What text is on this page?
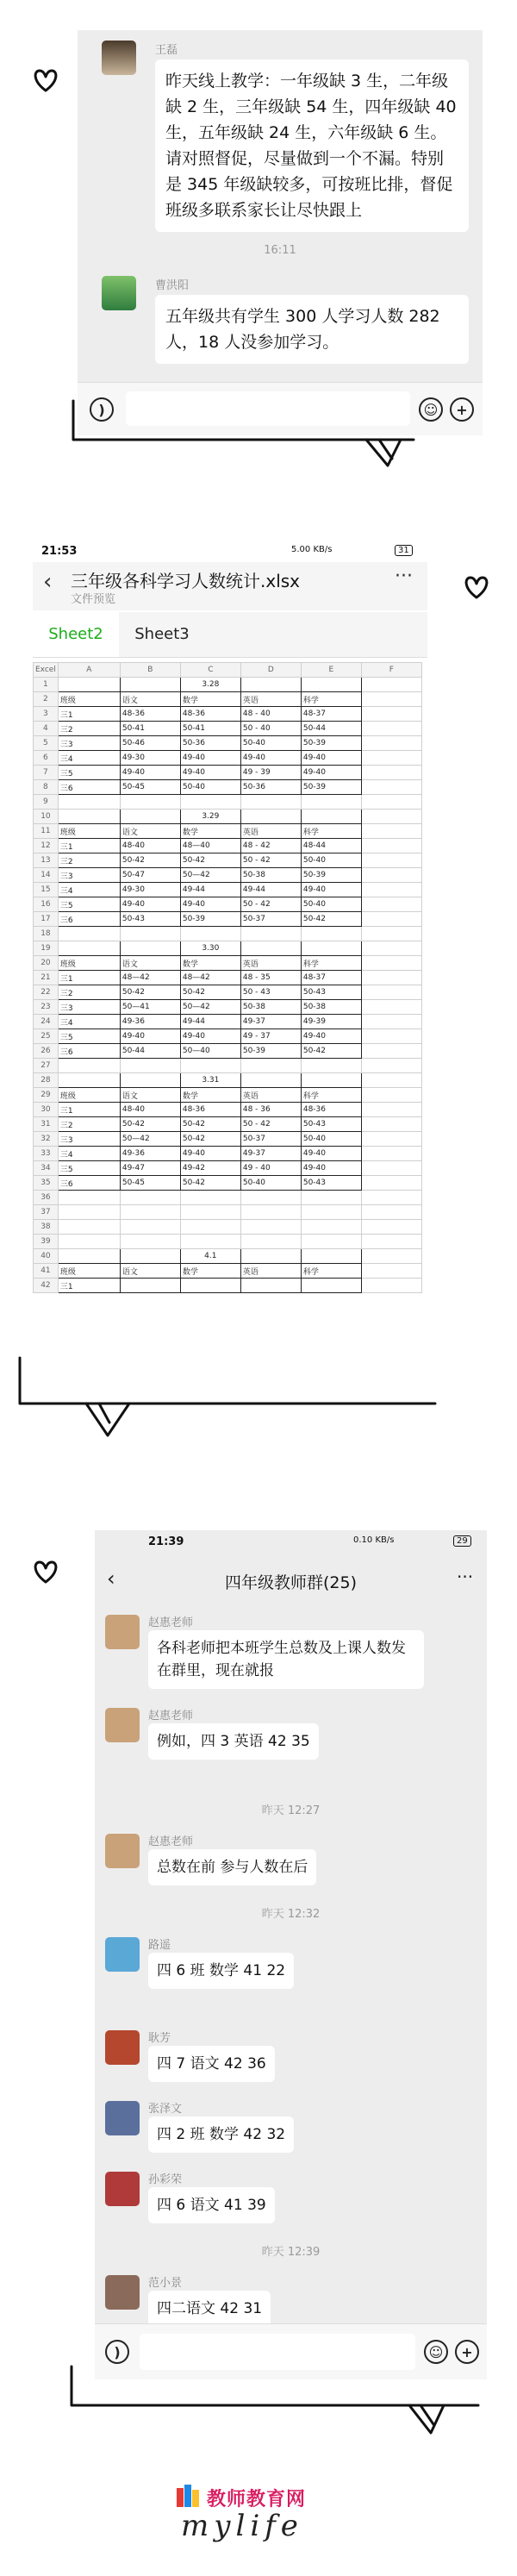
王磊
昨天线上教学：一年级缺 3 生，二年级缺 2 生，三年级缺 54 生，四年级缺 40 生，五年级缺 24 生，六年级缺 6 生。请对照督促，尽量做到一个不漏。特别是 345 年级缺较多，可按班比排，督促班级多联系家长让尽快跟上
16:11
曹洪阳
五年级共有学生 300 人学习人数 282 人，18 人没参加学习。
)	☺	+
21:53	5.00 KB/s	31
‹ 三年级各科学习人数统计.xlsx
文件预览
···
Sheet2	Sheet3
Excel	A	B	C	D	E	F
1			3.28			
2	班级	语文	数学	英语	科学	
3	三1	48-36	48-36	48 - 40	48-37	
4	三2	50-41	50-41	50 - 40	50-44	
5	三3	50-46	50-36	50-40	50-39	
6	三4	49-30	49-40	49-40	49-40	
7	三5	49-40	49-40	49 - 39	49-40	
8	三6	50-45	50-40	50-36	50-39	
9						
10			3.29			
11	班级	语文	数学	英语	科学	
12	三1	48-40	48—40	48 - 42	48-44	
13	三2	50-42	50-42	50 - 42	50-40	
14	三3	50-47	50—42	50-38	50-39	
15	三4	49-30	49-44	49-44	49-40	
16	三5	49-40	49-40	50 - 42	50-40	
17	三6	50-43	50-39	50-37	50-42	
18						
19			3.30			
20	班级	语文	数学	英语	科学	
21	三1	48—42	48—42	48 - 35	48-37	
22	三2	50-42	50-42	50 - 43	50-43	
23	三3	50—41	50—42	50-38	50-38	
24	三4	49-36	49-44	49-37	49-39	
25	三5	49-40	49-40	49 - 37	49-40	
26	三6	50-44	50—40	50-39	50-42	
27						
28			3.31			
29	班级	语文	数学	英语	科学	
30	三1	48-40	48-36	48 - 36	48-36	
31	三2	50-42	50-42	50 - 42	50-43	
32	三3	50—42	50-42	50-37	50-40	
33	三4	49-36	49-40	49-37	49-40	
34	三5	49-47	49-42	49 - 40	49-40	
35	三6	50-45	50-42	50-40	50-43	
36						
37						
38						
39						
40			4.1			
41	班级	语文	数学	英语	科学	
42	三1					
21:39	0.10 KB/s	29
‹	四年级教师群(25)	···
赵惠老师
各科老师把本班学生总数及上课人数发在群里，现在就报
赵惠老师
例如，四 3 英语 42 35
昨天 12:27
赵惠老师
总数在前 参与人数在后
昨天 12:32
路遥
四 6 班 数学 41 22
耿芳
四 7 语文 42 36
张泽文
四 2 班 数学 42 32
孙彩荣
四 6 语文 41 39
昨天 12:39
范小景
四二语文 42 31
)	☺	+
教师教育网
mylife
